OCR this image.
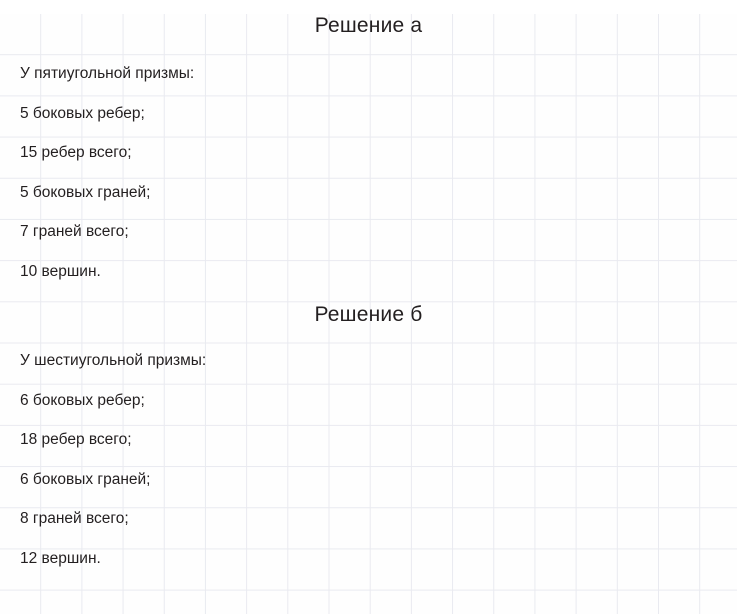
Решение а
У пятиугольной призмы:
5 боковых ребер;
15 ребер всего;
5 боковых граней;
7 граней всего;
10 вершин.
Решение б
У шестиугольной призмы:
6 боковых ребер;
18 ребер всего;
6 боковых граней;
8 граней всего;
12 вершин.
